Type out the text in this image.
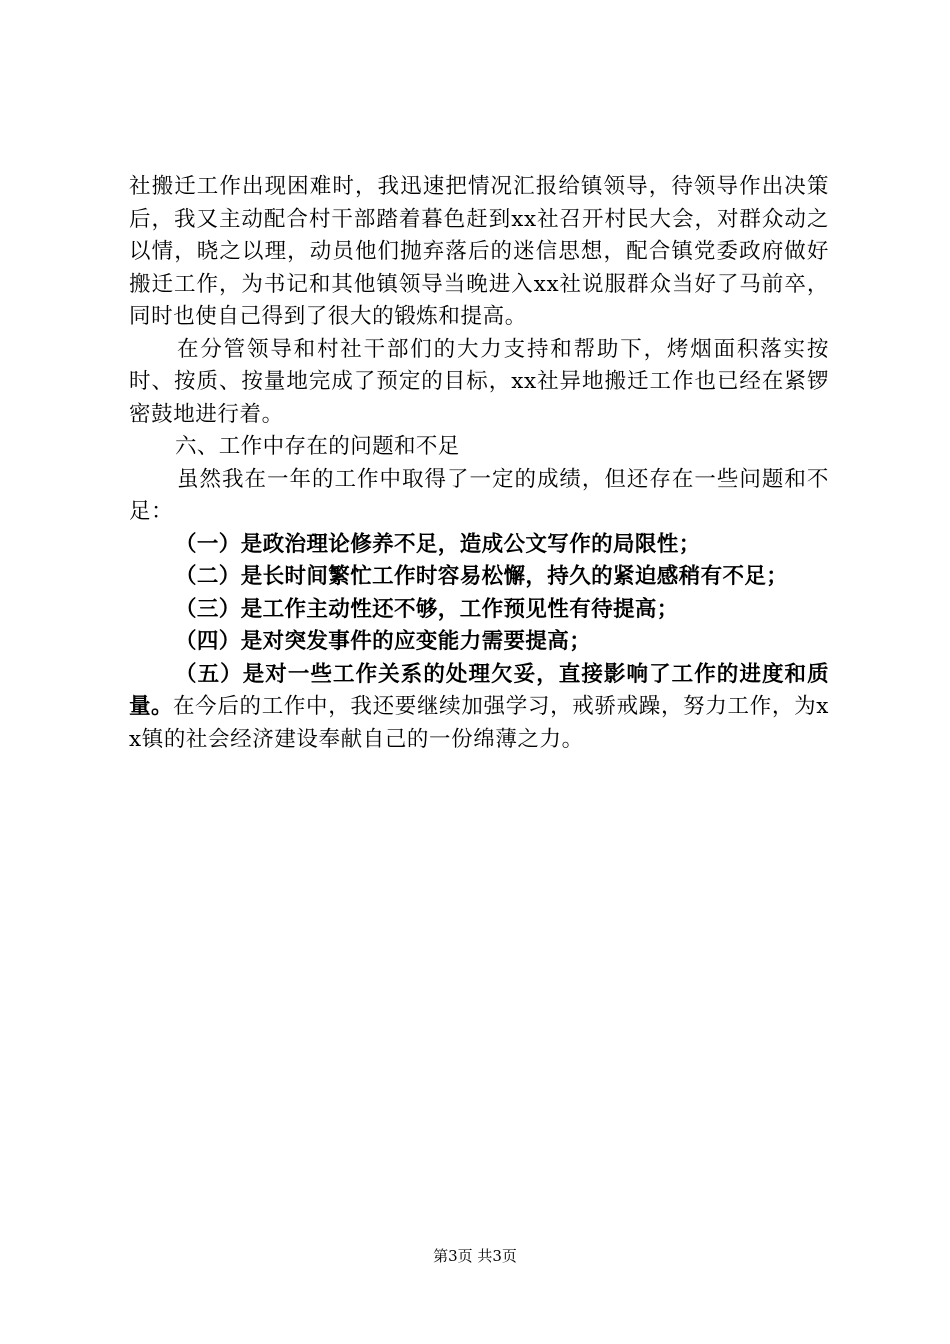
社搬迁工作出现困难时，我迅速把情况汇报给镇领导，待领导作出决策后，我又主动配合村干部踏着暮色赶到xx社召开村民大会，对群众动之以情，晓之以理，动员他们抛弃落后的迷信思想，配合镇党委政府做好搬迁工作，为书记和其他镇领导当晚进入xx社说服群众当好了马前卒，同时也使自己得到了很大的锻炼和提高。

在分管领导和村社干部们的大力支持和帮助下，烤烟面积落实按时、按质、按量地完成了预定的目标，xx社异地搬迁工作也已经在紧锣密鼓地进行着。

六、工作中存在的问题和不足

虽然我在一年的工作中取得了一定的成绩，但还存在一些问题和不足：

（一）是政治理论修养不足，造成公文写作的局限性；

（二）是长时间繁忙工作时容易松懈，持久的紧迫感稍有不足；

（三）是工作主动性还不够，工作预见性有待提高；

（四）是对突发事件的应变能力需要提高；

（五）是对一些工作关系的处理欠妥，直接影响了工作的进度和质量。在今后的工作中，我还要继续加强学习，戒骄戒躁，努力工作，为xx镇的社会经济建设奉献自己的一份绵薄之力。

第3页 共3页
